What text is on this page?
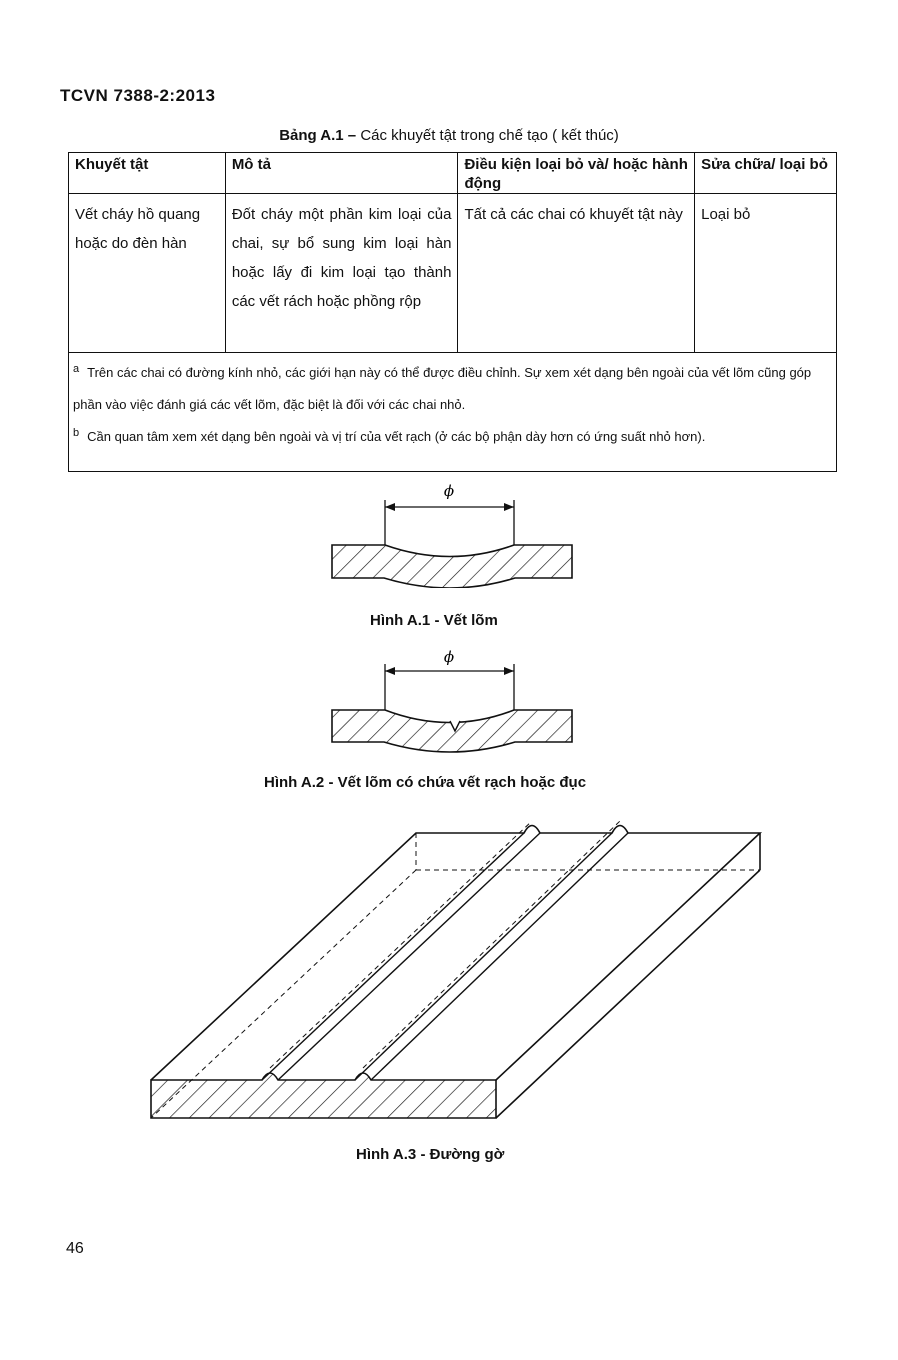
TCVN 7388-2:2013
Bảng A.1 – Các khuyết tật trong chế tạo ( kết thúc)
Khuyết tật	Mô tả	Điều kiện loại bỏ và/ hoặc hành động	Sửa chữa/ loại bỏ
Vết cháy hồ quang hoặc do đèn hàn	Đốt cháy một phần kim loại của chai, sự bổ sung kim loại hàn hoặc lấy đi kim loại tạo thành các vết rách hoặc phồng rộp	Tất cả các chai có khuyết tật này	Loại bỏ

$^a$ Trên các chai có đường kính nhỏ, các giới hạn này có thể được điều chỉnh. Sự xem xét dạng bên ngoài của vết lõm cũng góp phần vào việc đánh giá các vết lõm, đặc biệt là đối với các chai nhỏ.
$^b$ Cần quan tâm xem xét dạng bên ngoài và vị trí của vết rạch (ở các bộ phận dày hơn có ứng suất nhỏ hơn).			
ϕ
Hình A.1 - Vết lõm
ϕ
Hình A.2 - Vết lõm có chứa vết rạch hoặc đục
Hình A.3 - Đường gờ
46
